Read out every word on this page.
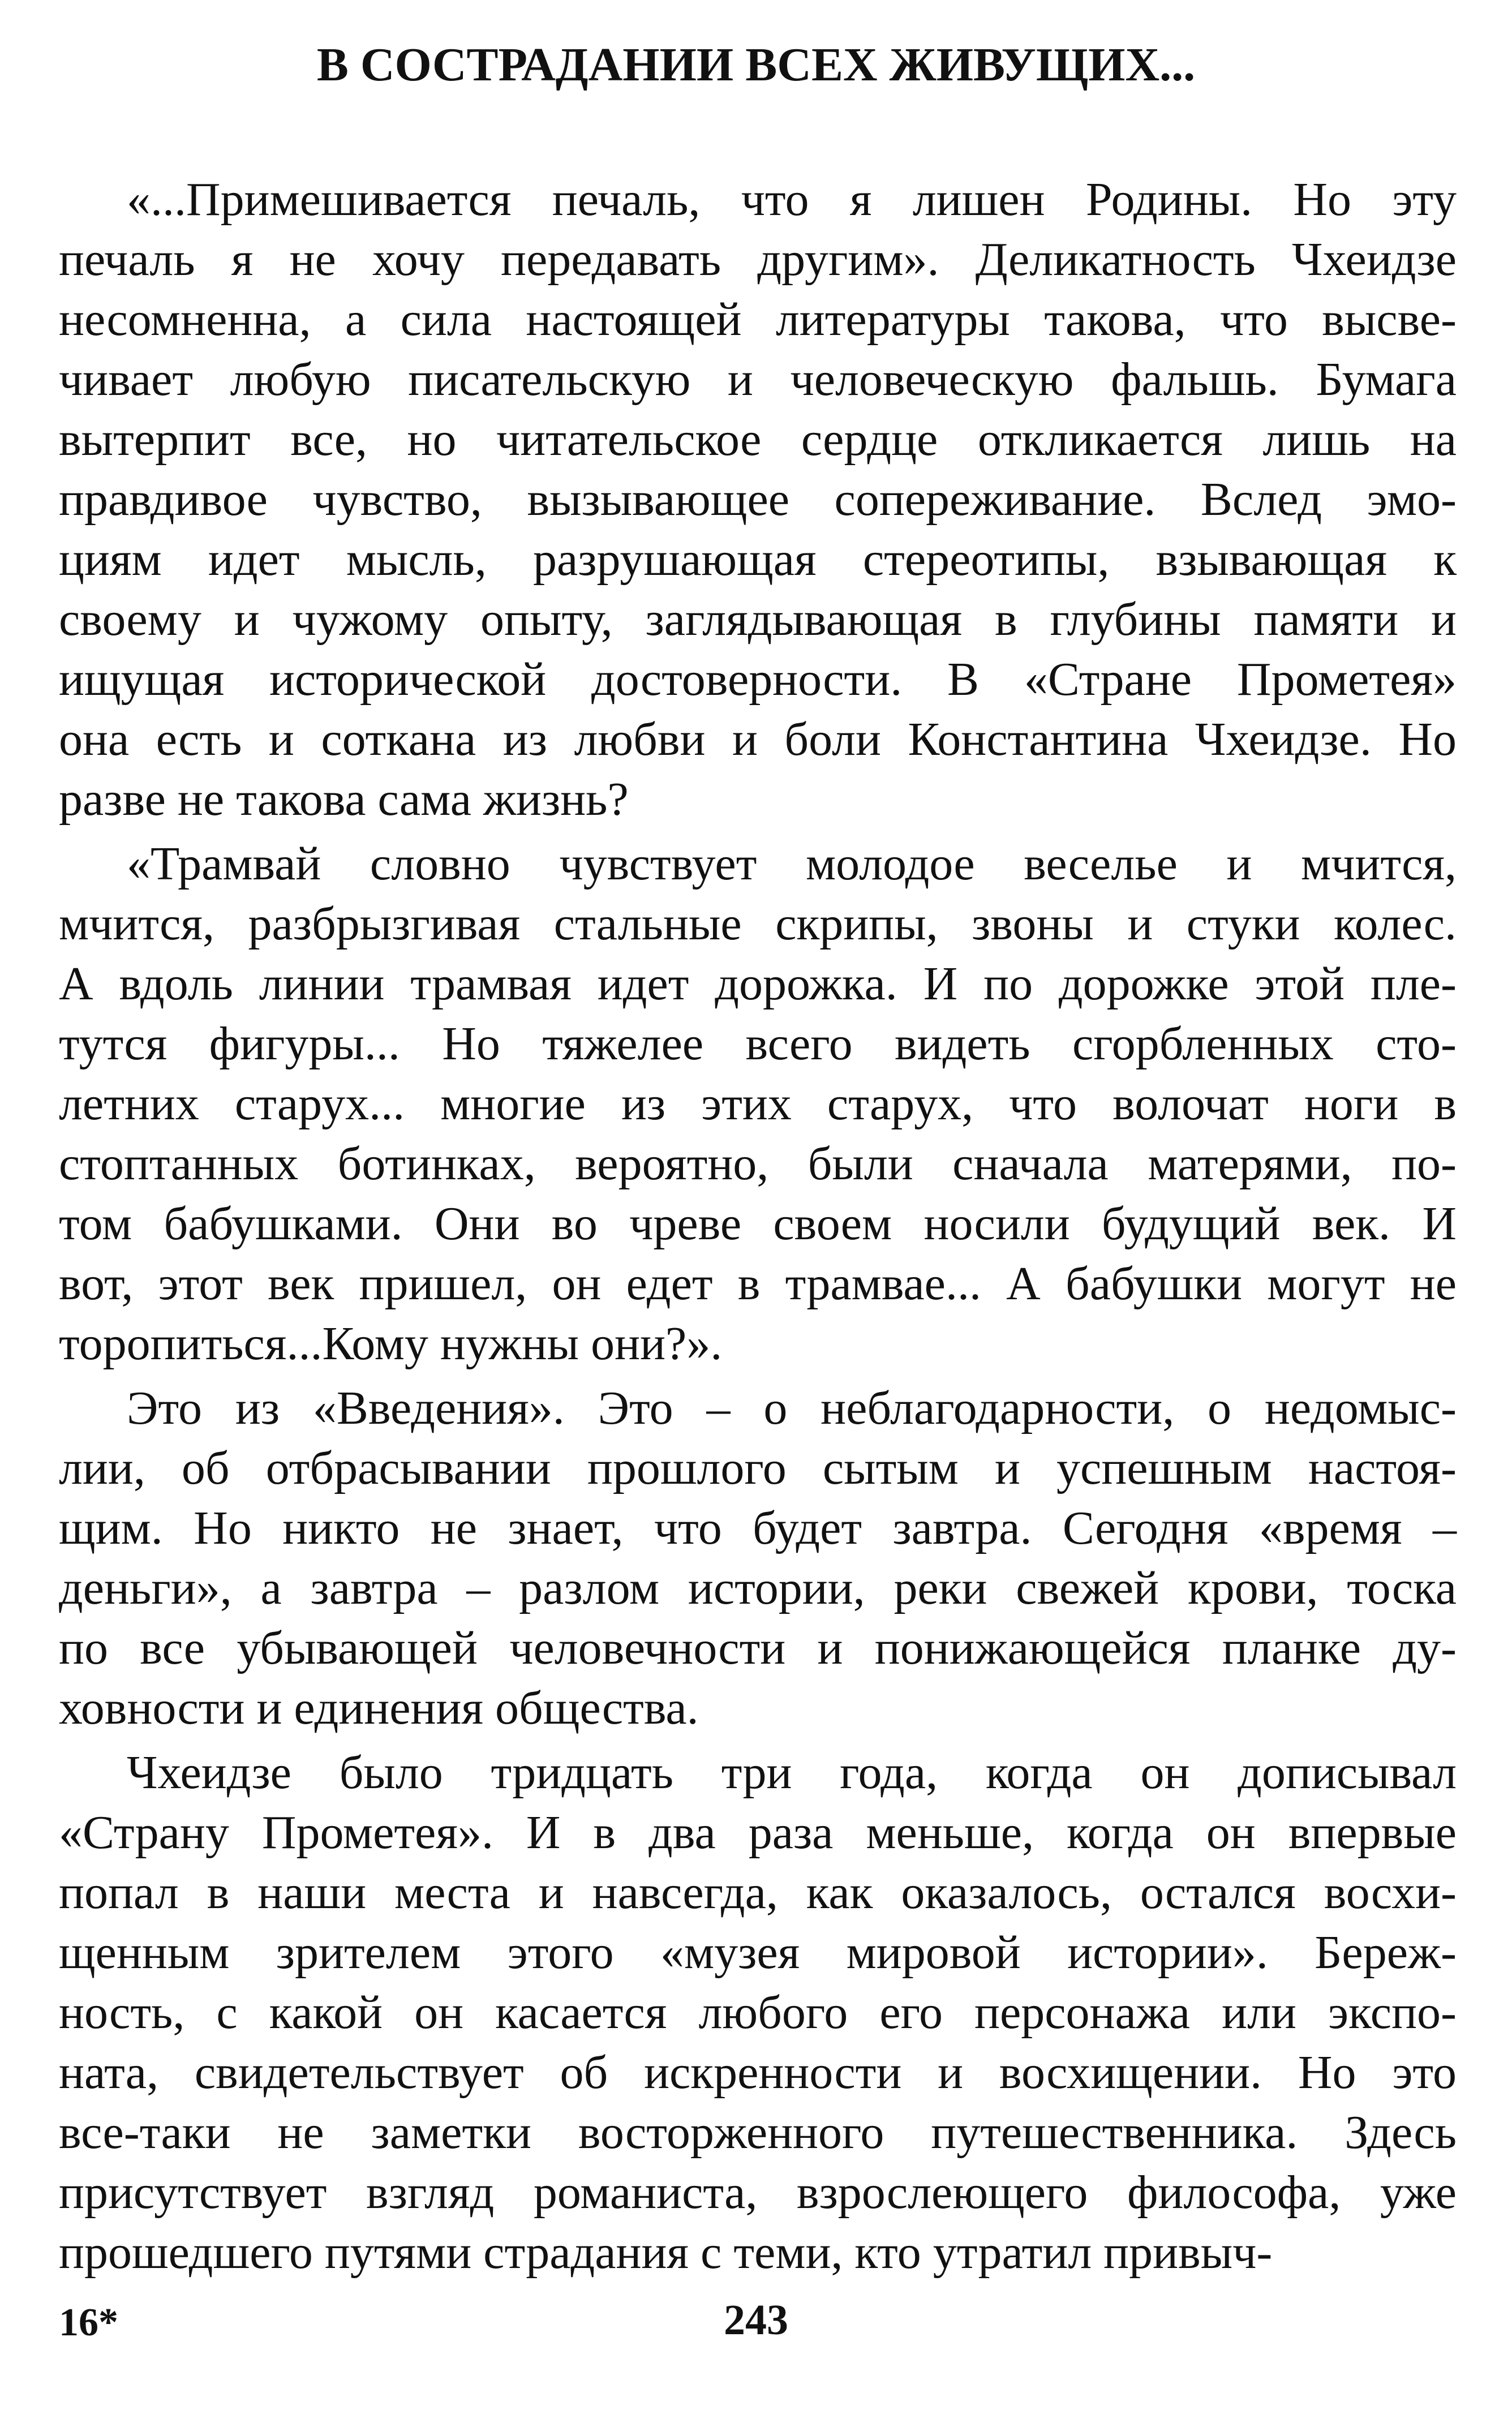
В СОСТРАДАНИИ ВСЕХ ЖИВУЩИХ...
«...Примешивается печаль, что я лишен Родины. Но эту
печаль я не хочу передавать другим». Деликатность Чхеидзе
несомненна, а сила настоящей литературы такова, что высве-
чивает любую писательскую и человеческую фальшь. Бумага
вытерпит все, но читательское сердце откликается лишь на
правдивое чувство, вызывающее сопереживание. Вслед эмо-
циям идет мысль, разрушающая стереотипы, взывающая к
своему и чужому опыту, заглядывающая в глубины памяти и
ищущая исторической достоверности. В «Стране Прометея»
она есть и соткана из любви и боли Константина Чхеидзе. Но
разве не такова сама жизнь?
«Трамвай словно чувствует молодое веселье и мчится,
мчится, разбрызгивая стальные скрипы, звоны и стуки колес.
А вдоль линии трамвая идет дорожка. И по дорожке этой пле-
тутся фигуры... Но тяжелее всего видеть сгорбленных сто-
летних старух... многие из этих старух, что волочат ноги в
стоптанных ботинках, вероятно, были сначала матерями, по-
том бабушками. Они во чреве своем носили будущий век. И
вот, этот век пришел, он едет в трамвае... А бабушки могут не
торопиться...Кому нужны они?».
Это из «Введения». Это – о неблагодарности, о недомыс-
лии, об отбрасывании прошлого сытым и успешным настоя-
щим. Но никто не знает, что будет завтра. Сегодня «время –
деньги», а завтра – разлом истории, реки свежей крови, тоска
по все убывающей человечности и понижающейся планке ду-
ховности и единения общества.
Чхеидзе было тридцать три года, когда он дописывал
«Страну Прометея». И в два раза меньше, когда он впервые
попал в наши места и навсегда, как оказалось, остался восхи-
щенным зрителем этого «музея мировой истории». Береж-
ность, с какой он касается любого его персонажа или экспо-
ната, свидетельствует об искренности и восхищении. Но это
все-таки не заметки восторженного путешественника. Здесь
присутствует взгляд романиста, взрослеющего философа, уже
прошедшего путями страдания с теми, кто утратил привыч-
16*	243
